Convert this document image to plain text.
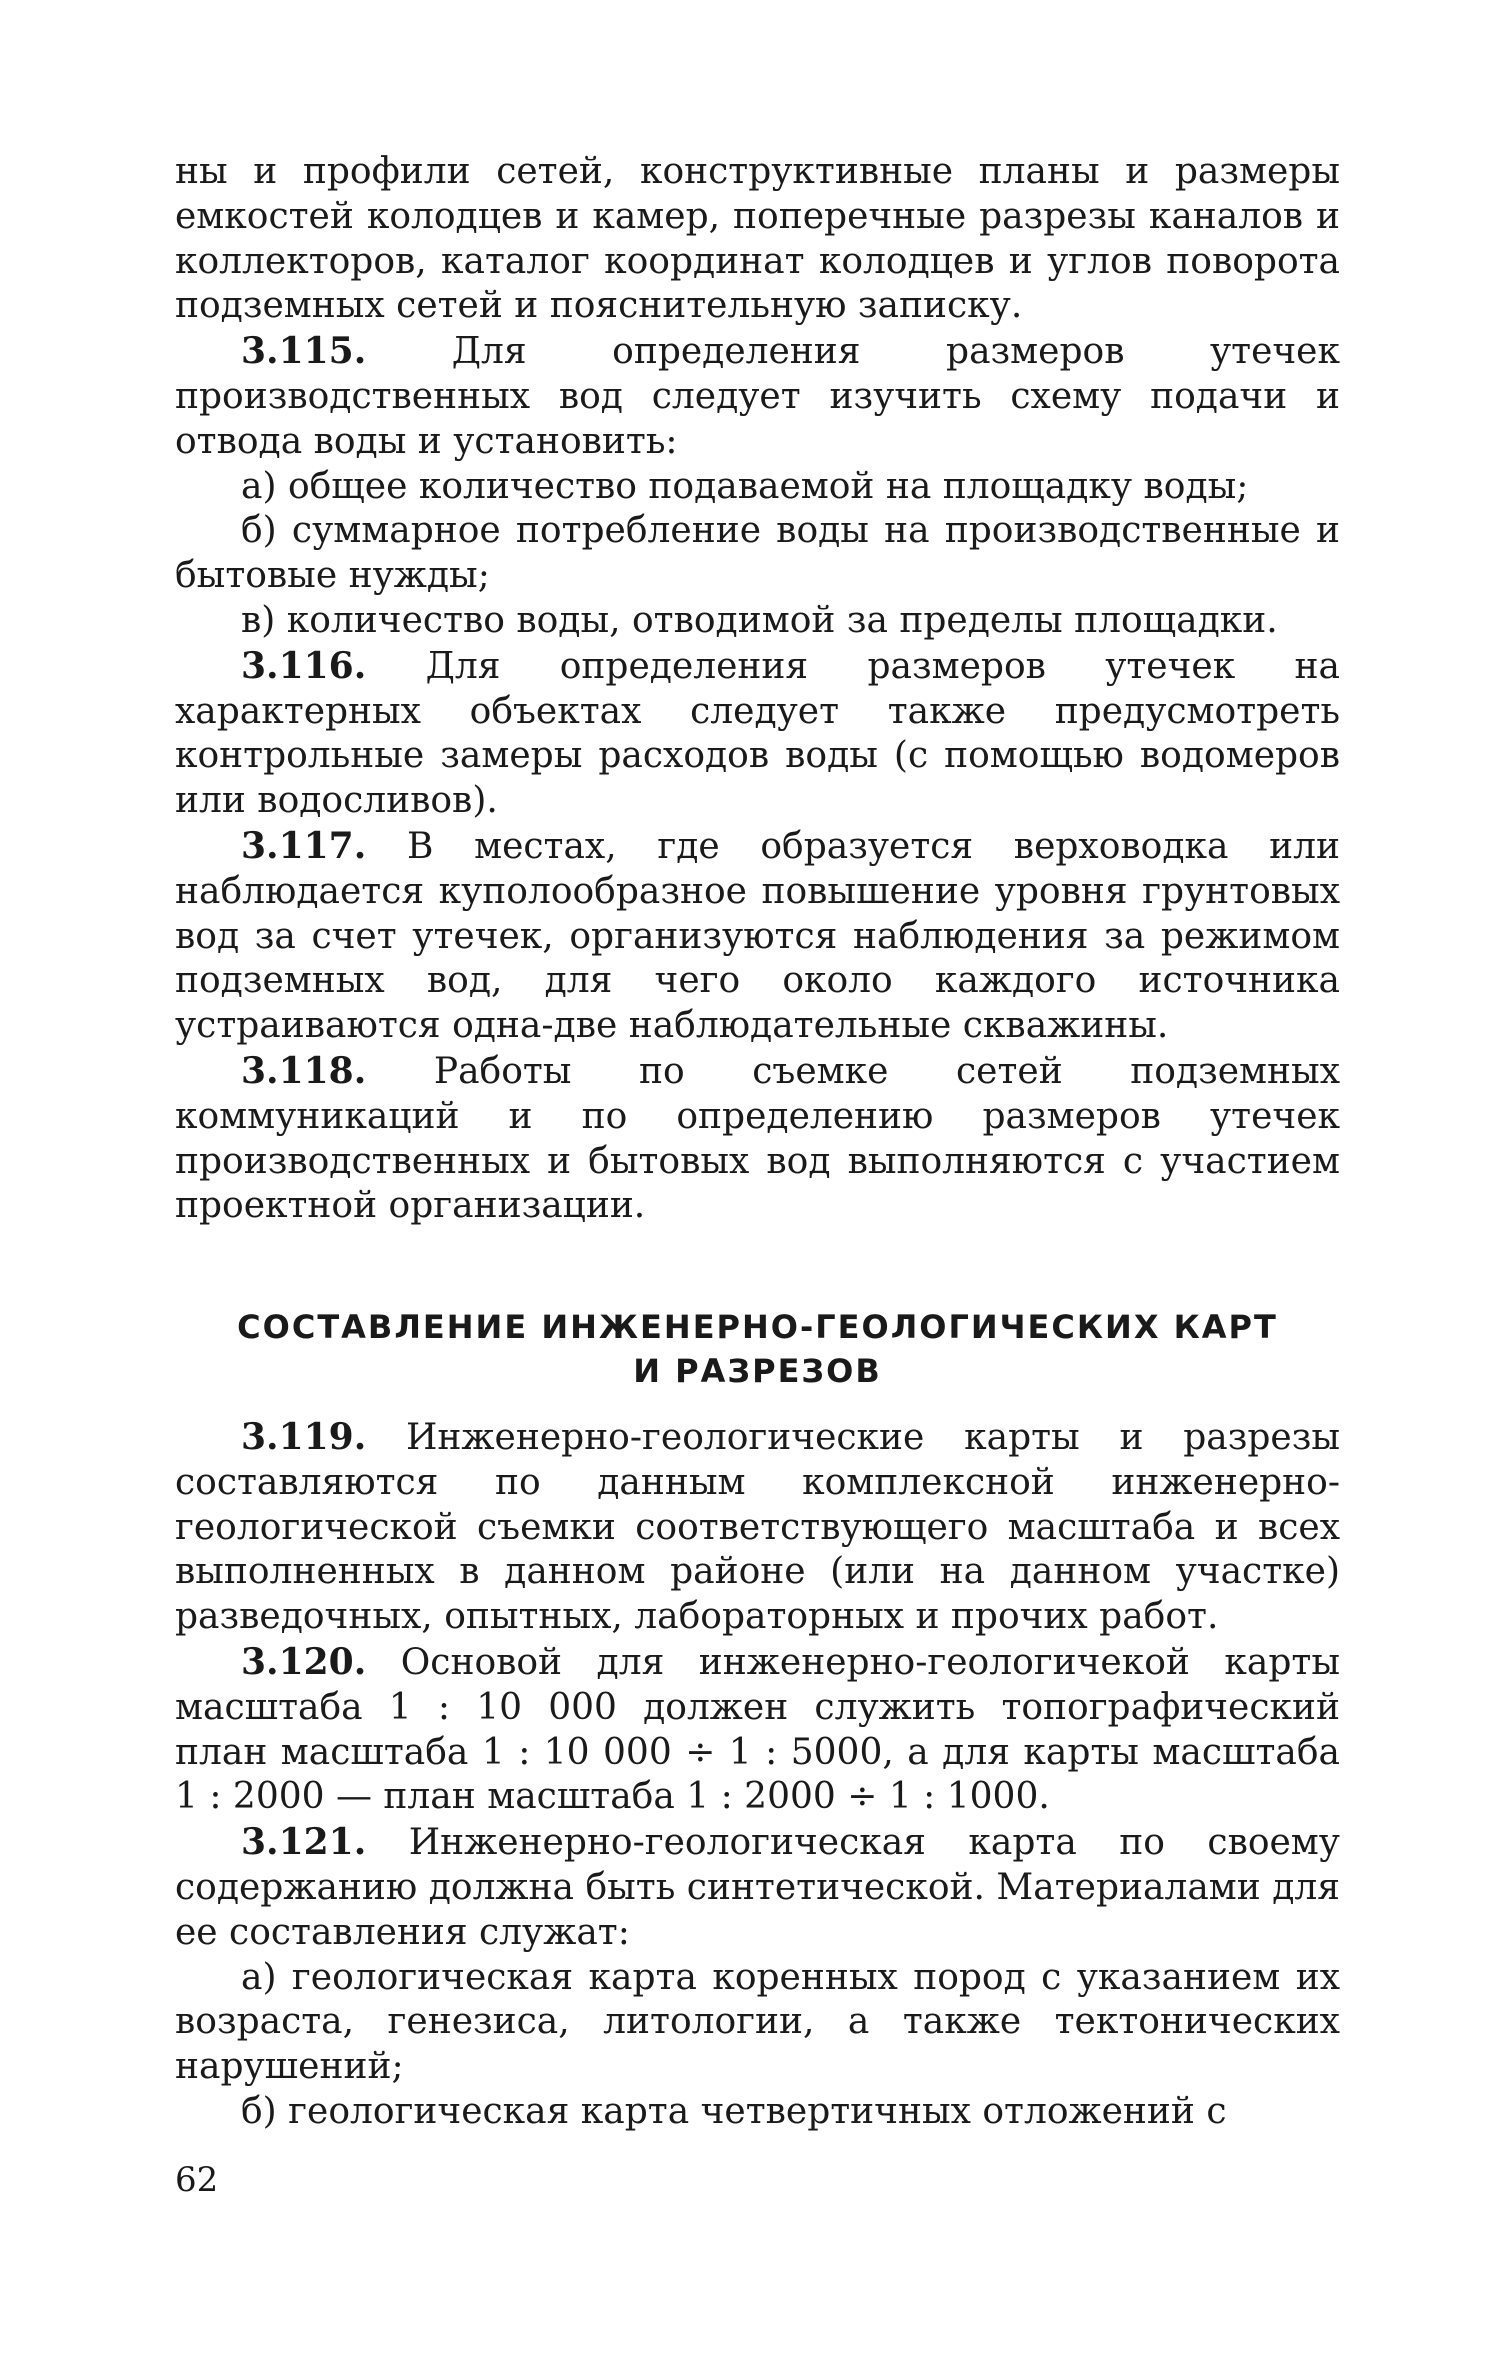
ны и профили сетей, конструктивные планы и размеры емкостей колодцев и камер, поперечные разрезы каналов и коллекторов, каталог координат колодцев и углов поворота подземных сетей и пояснительную записку.

3.115. Для определения размеров утечек производственных вод следует изучить схему подачи и отвода воды и установить:

а) общее количество подаваемой на площадку воды;

б) суммарное потребление воды на производственные и бытовые нужды;

в) количество воды, отводимой за пределы площадки.

3.116. Для определения размеров утечек на характерных объектах следует также предусмотреть контрольные замеры расходов воды (с помощью водомеров или водосливов).

3.117. В местах, где образуется верховодка или наблюдается куполообразное повышение уровня грунтовых вод за счет утечек, организуются наблюдения за режимом подземных вод, для чего около каждого источника устраиваются одна-две наблюдательные скважины.

3.118. Работы по съемке сетей подземных коммуникаций и по определению размеров утечек производственных и бытовых вод выполняются с участием проектной организации.

СОСТАВЛЕНИЕ ИНЖЕНЕРНО-ГЕОЛОГИЧЕСКИХ КАРТ
И РАЗРЕЗОВ

3.119. Инженерно-геологические карты и разрезы составляются по данным комплексной инженерно-геологической съемки соответствующего масштаба и всех выполненных в данном районе (или на данном участке) разведочных, опытных, лабораторных и прочих работ.

3.120. Основой для инженерно-геологичекой карты масштаба 1 : 10 000 должен служить топографический план масштаба 1 : 10 000 ÷ 1 : 5000, а для карты масштаба 1 : 2000 — план масштаба 1 : 2000 ÷ 1 : 1000.

3.121. Инженерно-геологическая карта по своему содержанию должна быть синтетической. Материалами для ее составления служат:

а) геологическая карта коренных пород с указанием их возраста, генезиса, литологии, а также тектонических нарушений;

б) геологическая карта четвертичных отложений с

62
